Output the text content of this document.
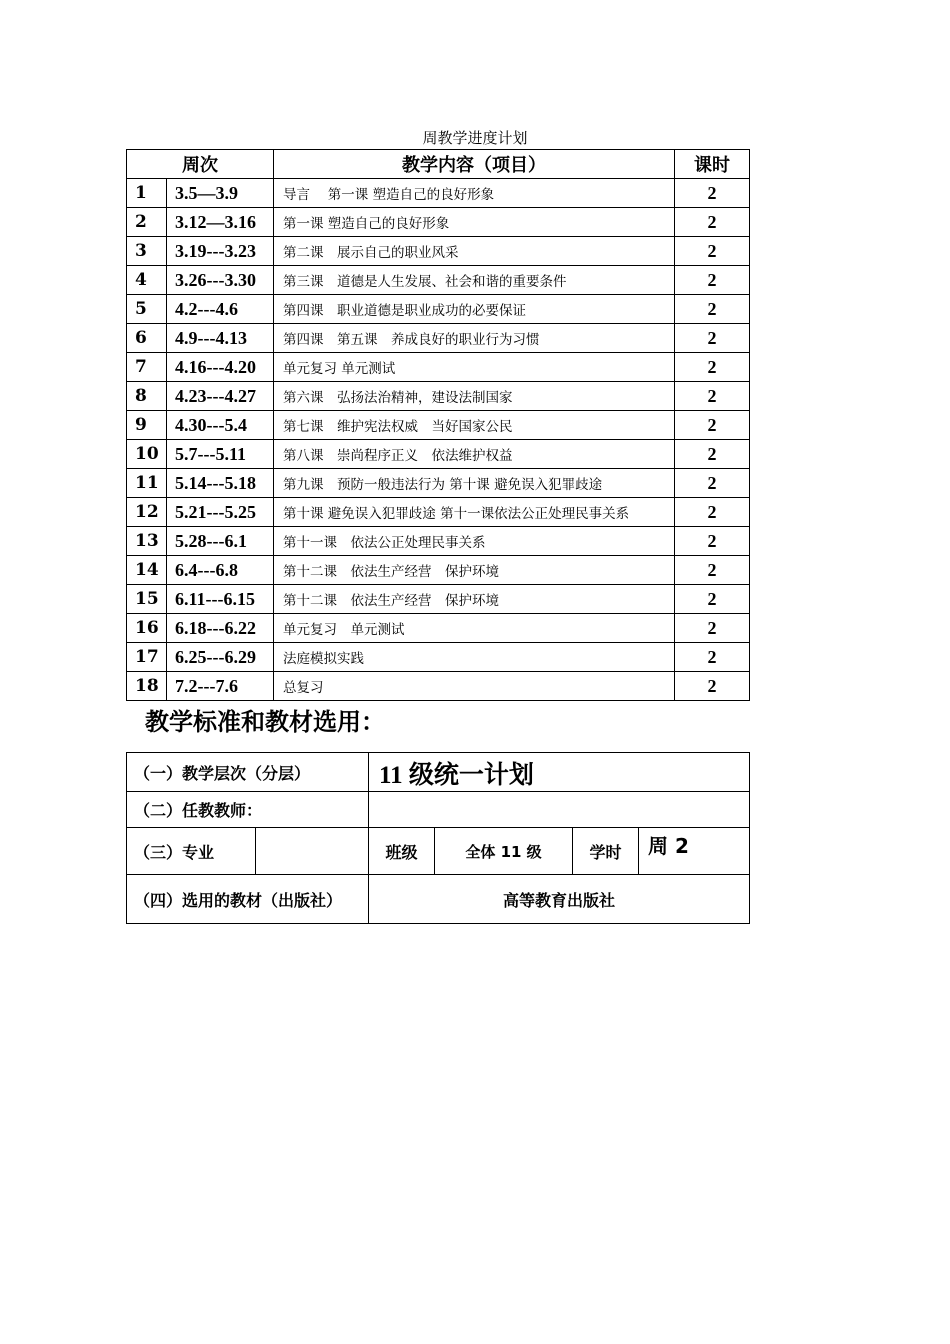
周教学进度计划
周次		教学内容（项目）	课时
1	3.5—3.9	导言　 第一课 塑造自己的良好形象	2
2	3.12—3.16	第一课 塑造自己的良好形象	2
3	3.19---3.23	第二课　展示自己的职业风采	2
4	3.26---3.30	第三课　道德是人生发展、社会和谐的重要条件	2
5	4.2---4.6	第四课　职业道德是职业成功的必要保证	2
6	4.9---4.13	第四课　第五课　养成良好的职业行为习惯	2
7	4.16---4.20	单元复习 单元测试	2
8	4.23---4.27	第六课　弘扬法治精神，建设法制国家	2
9	4.30---5.4	第七课　维护宪法权威　当好国家公民	2
10	5.7---5.11	第八课　崇尚程序正义　依法维护权益	2
11	5.14---5.18	第九课　预防一般违法行为 第十课 避免误入犯罪歧途	2
12	5.21---5.25	第十课 避免误入犯罪歧途 第十一课依法公正处理民事关系	2
13	5.28---6.1	第十一课　依法公正处理民事关系	2
14	6.4---6.8	第十二课　依法生产经营　保护环境	2
15	6.11---6.15	第十二课　依法生产经营　保护环境	2
16	6.18---6.22	单元复习　单元测试	2
17	6.25---6.29	法庭模拟实践	2
18	7.2---7.6	总复习	2
教学标准和教材选用：
（一）教学层次（分层）		11 级统一计划			
（二）任教教师：					
（三）专业		班级	全体 11 级	学时	周 2
（四）选用的教材（出版社）		高等教育出版社			
